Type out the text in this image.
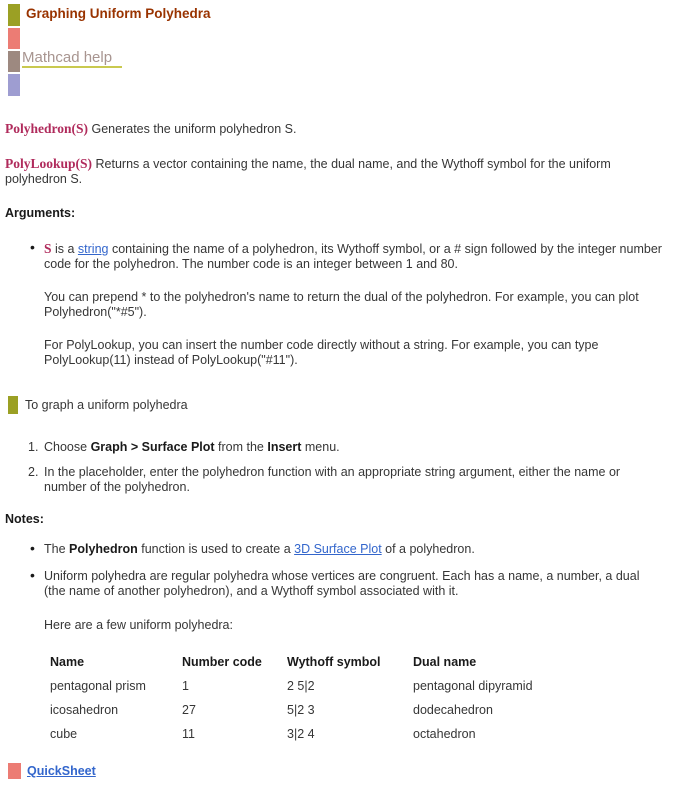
Graphing Uniform Polyhedra
Mathcad help

Polyhedron(S) Generates the uniform polyhedron S.

PolyLookup(S) Returns a vector containing the name, the dual name, and the Wythoff symbol for the uniform polyhedron S.

Arguments:

• S is a string containing the name of a polyhedron, its Wythoff symbol, or a # sign followed by the integer number code for the polyhedron. The number code is an integer between 1 and 80.

You can prepend * to the polyhedron's name to return the dual of the polyhedron. For example, you can plot Polyhedron("*#5").

For PolyLookup, you can insert the number code directly without a string. For example, you can type PolyLookup(11) instead of PolyLookup("#11").

To graph a uniform polyhedra
1. Choose Graph > Surface Plot from the Insert menu.
2. In the placeholder, enter the polyhedron function with an appropriate string argument, either the name or number of the polyhedron.

Notes:

• The Polyhedron function is used to create a 3D Surface Plot of a polyhedron.
• Uniform polyhedra are regular polyhedra whose vertices are congruent. Each has a name, a number, a dual (the name of another polyhedron), and a Wythoff symbol associated with it.

Here are a few uniform polyhedra:

Name	Number code	Wythoff symbol	Dual name
pentagonal prism	1	2 5|2	pentagonal dipyramid
icosahedron	27	5|2 3	dodecahedron
cube	11	3|2 4	octahedron
QuickSheet
